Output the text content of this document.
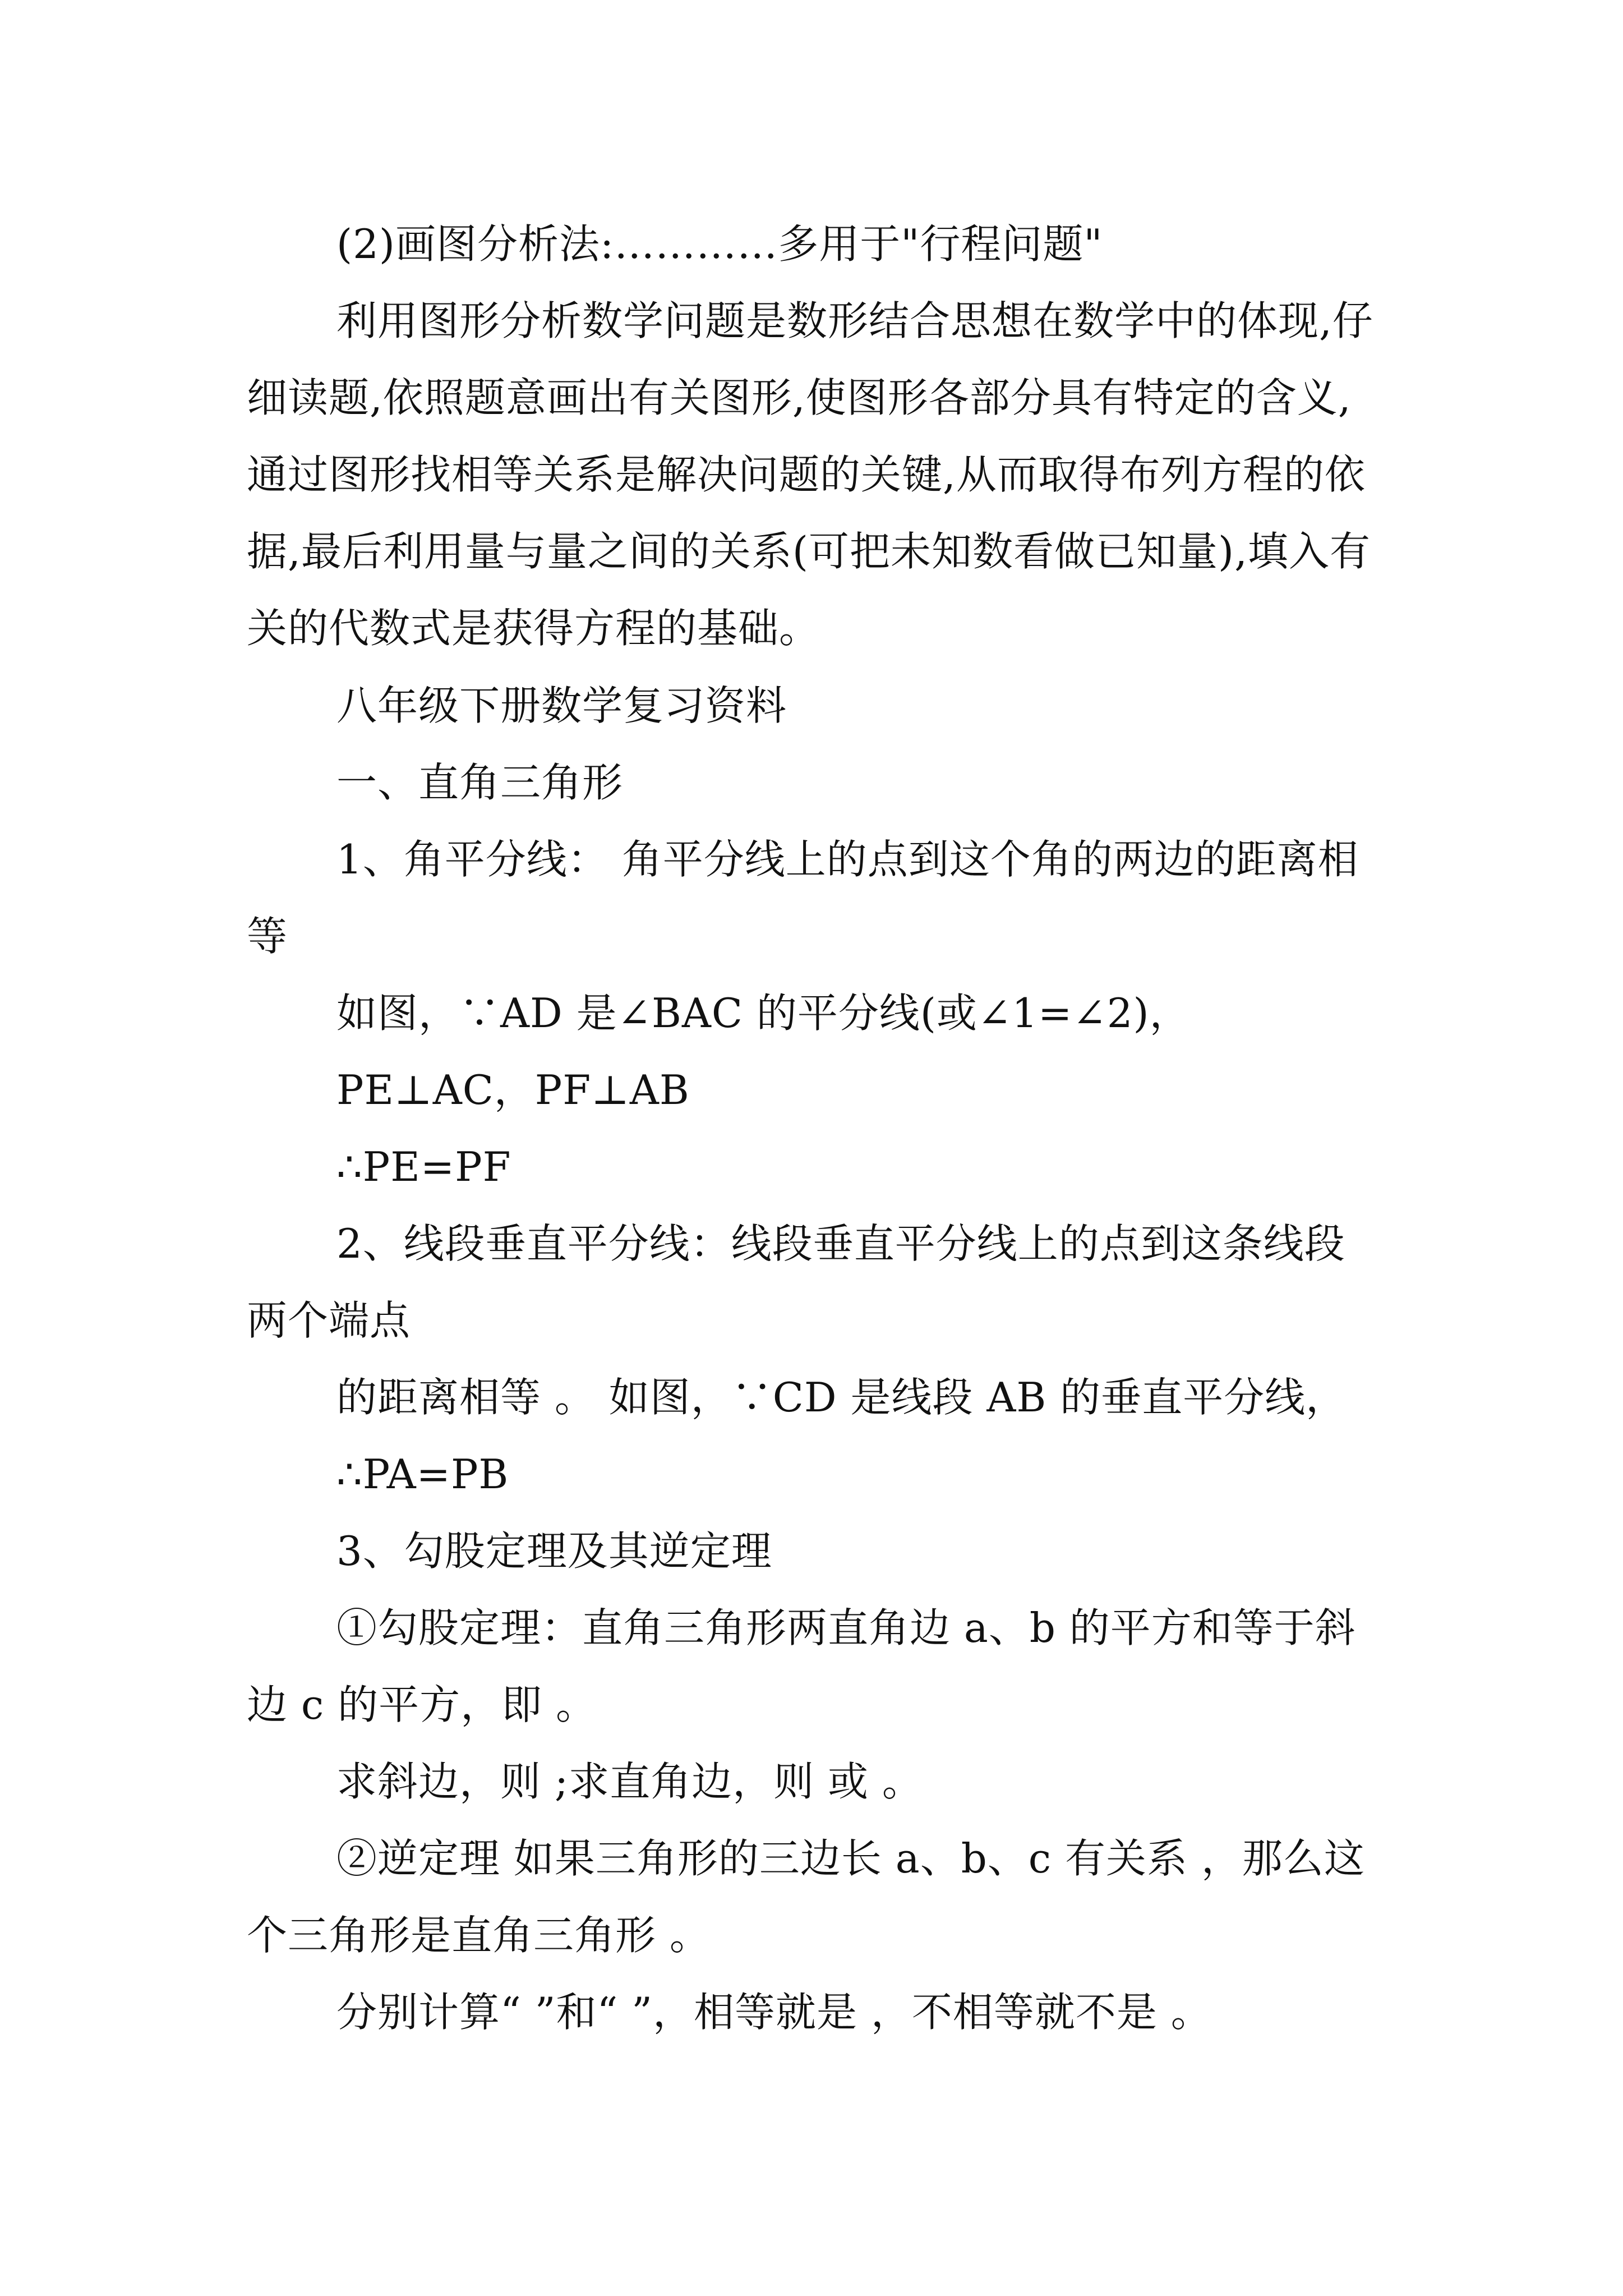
(2)画图分析法:…………多用于"行程问题"
利用图形分析数学问题是数形结合思想在数学中的体现,仔细读题,依照题意画出有关图形,使图形各部分具有特定的含义,通过图形找相等关系是解决问题的关键,从而取得布列方程的依据,最后利用量与量之间的关系(可把未知数看做已知量),填入有关的代数式是获得方程的基础。
八年级下册数学复习资料
一、直角三角形
1、角平分线： 角平分线上的点到这个角的两边的距离相等
如图，∵AD 是∠BAC 的平分线(或∠1=∠2)，
PE⊥AC，PF⊥AB
∴PE=PF
2、线段垂直平分线：线段垂直平分线上的点到这条线段两个端点
的距离相等 。 如图，∵CD 是线段 AB 的垂直平分线，
∴PA=PB
3、勾股定理及其逆定理
①勾股定理：直角三角形两直角边 a、b 的平方和等于斜边 c 的平方，即 。
求斜边，则 ;求直角边，则 或 。
②逆定理 如果三角形的三边长 a、b、c 有关系 ，那么这个三角形是直角三角形 。
分别计算“ ”和“ ”，相等就是 ，不相等就不是 。
